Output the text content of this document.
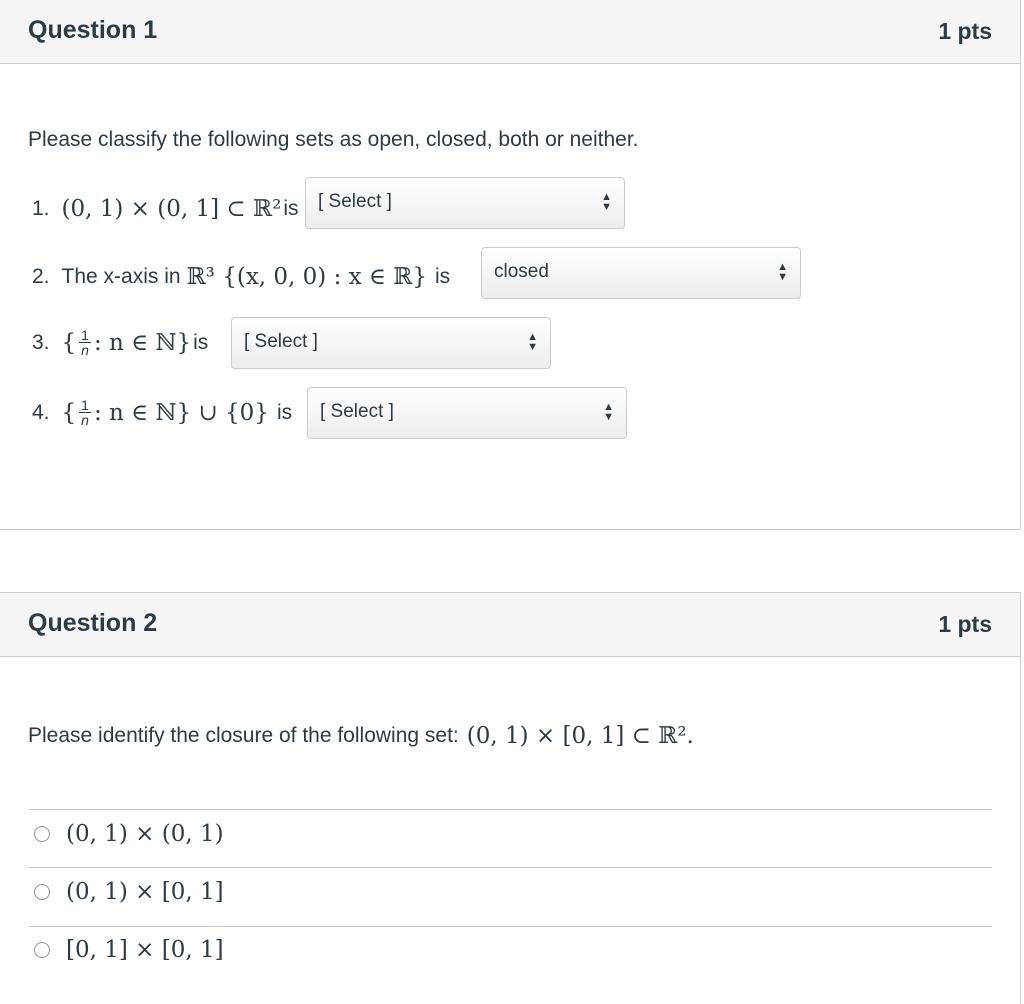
Question 1	1 pts
Please classify the following sets as open, closed, both or neither.
1. (0, 1) × (0, 1] ⊂ ℝ² is [ Select ]	▲
▼
2. The x-axis in ℝ³ {(x, 0, 0) : x ∈ ℝ} is closed	▲
▼
3. { $\frac{1}{n}$ : n ∈ ℕ} is [ Select ]	▲
▼
4. { $\frac{1}{n}$ : n ∈ ℕ} ∪ {0} is [ Select ]	▲
▼
Question 2	1 pts
Please identify the closure of the following set: (0, 1) × [0, 1] ⊂ ℝ².
(0, 1) × (0, 1)
(0, 1) × [0, 1]
[0, 1] × [0, 1]
